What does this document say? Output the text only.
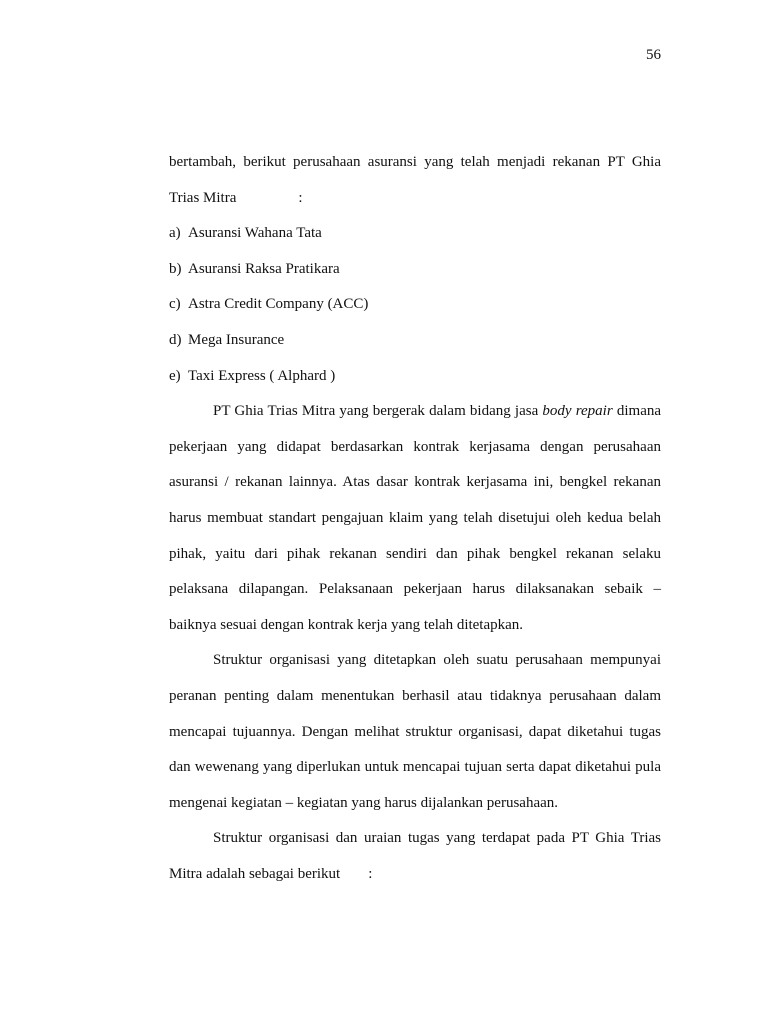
56

bertambah, berikut perusahaan asuransi yang telah menjadi rekanan PT Ghia

Trias Mitra	:

a) Asuransi Wahana Tata
b) Asuransi Raksa Pratikara
c) Astra Credit Company (ACC)
d) Mega Insurance
e) Taxi Express ( Alphard )

PT Ghia Trias Mitra yang bergerak dalam bidang jasa body repair dimana pekerjaan yang didapat berdasarkan kontrak kerjasama dengan perusahaan asuransi / rekanan lainnya. Atas dasar kontrak kerjasama ini, bengkel rekanan harus membuat standart pengajuan klaim yang telah disetujui oleh kedua belah pihak, yaitu dari pihak rekanan sendiri dan pihak bengkel rekanan selaku pelaksana dilapangan. Pelaksanaan pekerjaan harus dilaksanakan sebaik – baiknya sesuai dengan kontrak kerja yang telah ditetapkan.

Struktur organisasi yang ditetapkan oleh suatu perusahaan mempunyai peranan penting dalam menentukan berhasil atau tidaknya perusahaan dalam mencapai tujuannya. Dengan melihat struktur organisasi, dapat diketahui tugas dan wewenang yang diperlukan untuk mencapai tujuan serta dapat diketahui pula mengenai kegiatan – kegiatan yang harus dijalankan perusahaan.

Struktur organisasi dan uraian tugas yang terdapat pada PT Ghia Trias Mitra adalah sebagai berikut :
